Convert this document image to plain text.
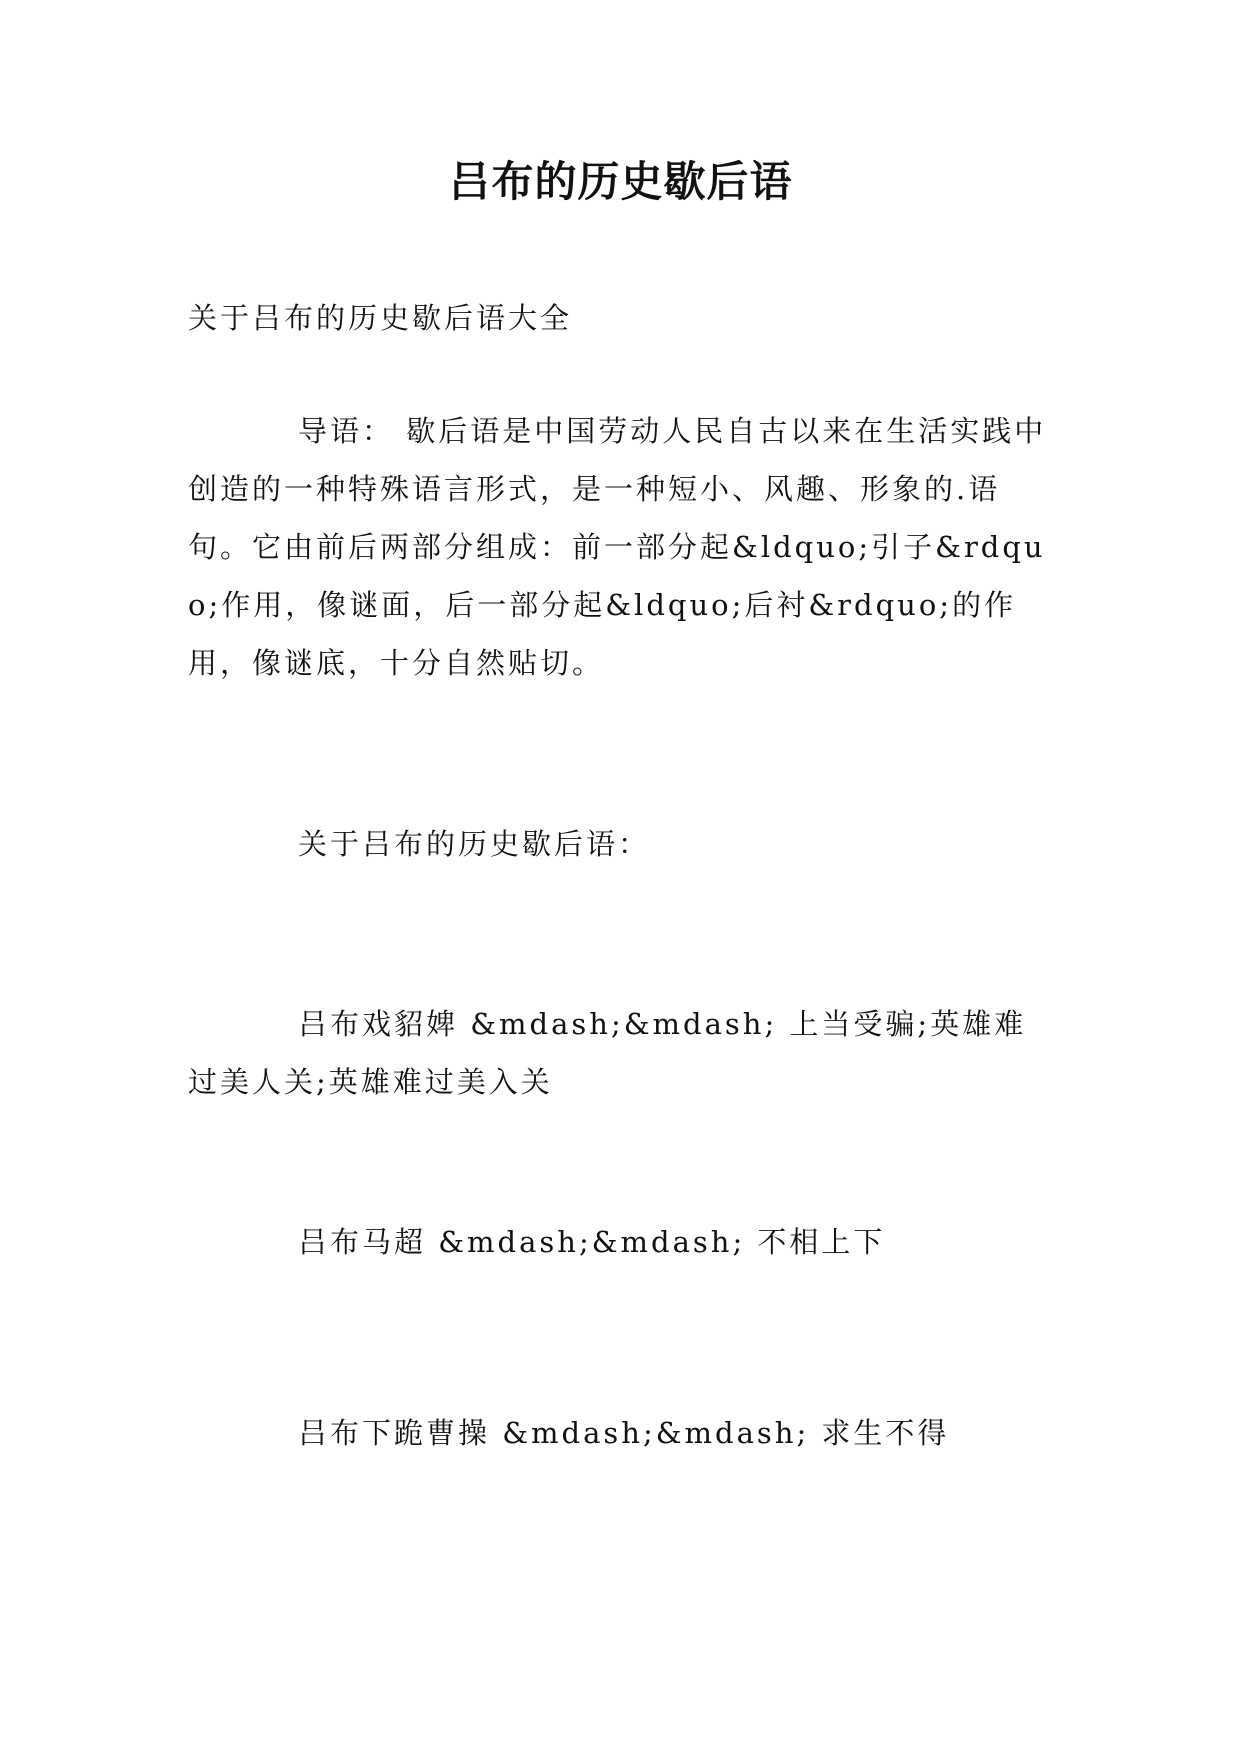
吕布的历史歇后语

关于吕布的历史歇后语大全

导语： 歇后语是中国劳动人民自古以来在生活实践中创造的一种特殊语言形式，是一种短小、风趣、形象的.语句。它由前后两部分组成：前一部分起&ldquo;引子&rdquo;作用，像谜面，后一部分起&ldquo;后衬&rdquo;的作用，像谜底，十分自然贴切。

关于吕布的历史歇后语：

吕布戏貂婢 &mdash;&mdash; 上当受骗;英雄难过美人关;英雄难过美入关

吕布马超 &mdash;&mdash; 不相上下

吕布下跪曹操 &mdash;&mdash; 求生不得
